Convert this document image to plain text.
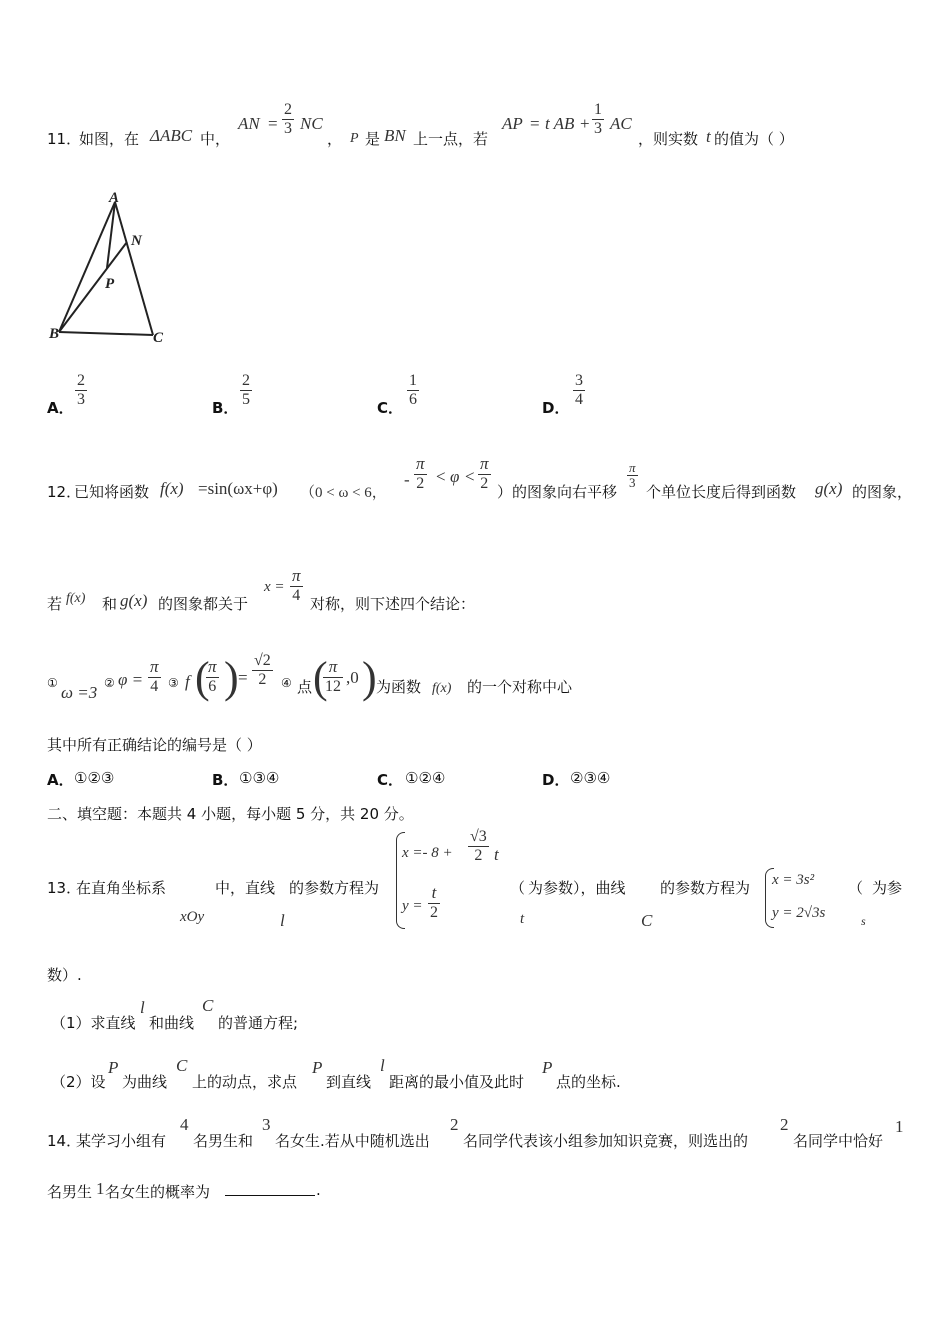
11．
如图，在 ΔABC 中，
AN = $\frac{2}{3}$ NC
， P 是 BN 上一点，若
AP = t AB + $\frac{1}{3}$ AC
，则实数 t 的值为（ ）
A
N
P
B	C
A． $\frac{2}{3}$	B． $\frac{2}{5}$	C． $\frac{1}{6}$	D． $\frac{3}{4}$
12．
已知将函数 f(x) =sin(ωx+φ) （0 < ω < 6，
- $\frac{\pi}{2} < \varphi < \frac{\pi}{2}$ ）的图象向右平移
$\frac{\pi}{3}$
个单位长度后得到函数 g(x) 的图象，
若 f(x) 和 g(x) 的图象都关于
$x = \frac{\pi}{4}$ 对称，则下述四个结论：
① ω =3 ② $\varphi = \frac{\pi}{4}$ ③ f (
$\frac{\pi}{6}$ ) = $\frac{√2}{2}$ ④ 点 (
$\frac{\pi}{12} ,0$ ) 为函数 f(x) 的一个对称中心
其中所有正确结论的编号是（ ）
A． ①②③	B． ①③④	C． ①②④	D． ②③④
二、填空题：本题共 4 小题，每小题 5 分，共 20 分。
13．
在直角坐标系
xOy
中，直线
l
的参数方程为
$x =- 8 + \frac{√3}{2}$ t
$y = \frac{t}{2}$	（
t
为参数），曲线
C
的参数方程为 x = 3s²
y = 2√3s
（
s
为参
数）.
（1）求直线
l
和曲线
C
的普通方程;
（2）设
P
为曲线
C
上的动点，求点
P
到直线
l
距离的最小值及此时
P
点的坐标.
14．
某学习小组有
4
名男生和
3
名女生.若从中随机选出
2
名同学代表该小组参加知识竞赛，则选出的
2
名同学中恰好
1
名男生 1 名女生的概率为	.
